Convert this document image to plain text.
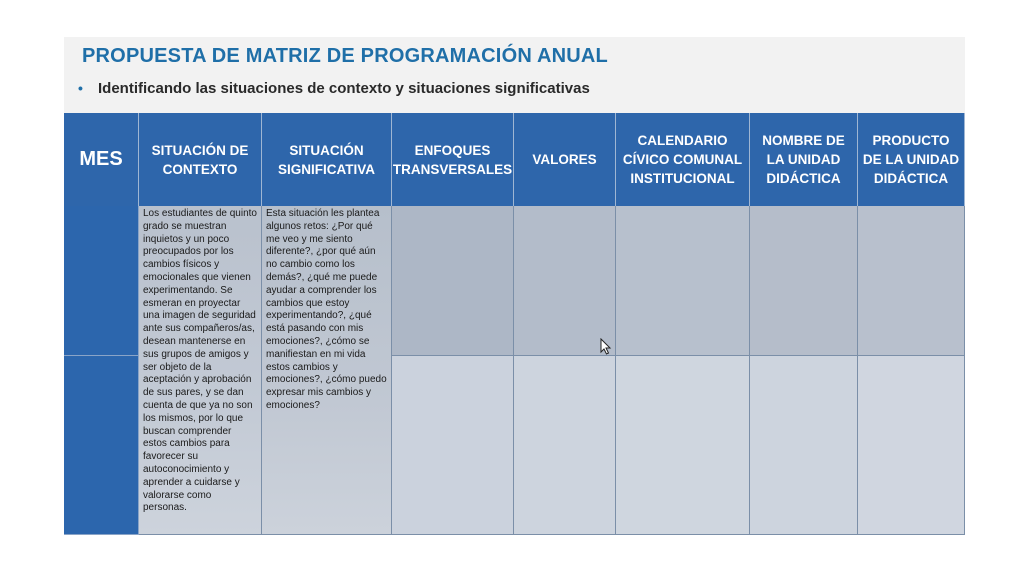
PROPUESTA DE MATRIZ DE PROGRAMACIÓN ANUAL
• Identificando las situaciones de contexto y situaciones significativas
MES	SITUACIÓN DE CONTEXTO
SITUACIÓN SIGNIFICATIVA
ENFOQUES TRANSVERSALES
VALORES
CALENDARIO CÍVICO COMUNAL INSTITUCIONAL
NOMBRE DE LA UNIDAD DIDÁCTICA
PRODUCTO DE LA UNIDAD DIDÁCTICA
Los estudiantes de quinto grado se muestran inquietos y un poco preocupados por los cambios físicos y emocionales que vienen experimentando. Se esmeran en proyectar una imagen de seguridad ante sus compañeros/as, desean mantenerse en sus grupos de amigos y ser objeto de la aceptación y aprobación de sus pares, y se dan cuenta de que ya no son los mismos, por lo que buscan comprender estos cambios para favorecer su autoconocimiento y aprender a cuidarse y valorarse como personas.
Esta situación les plantea algunos retos: ¿Por qué me veo y me siento diferente?, ¿por qué aún no cambio como los demás?, ¿qué me puede ayudar a comprender los cambios que estoy experimentando?, ¿qué está pasando con mis emociones?, ¿cómo se manifiestan en mi vida estos cambios y emociones?, ¿cómo puedo expresar mis cambios y emociones?
